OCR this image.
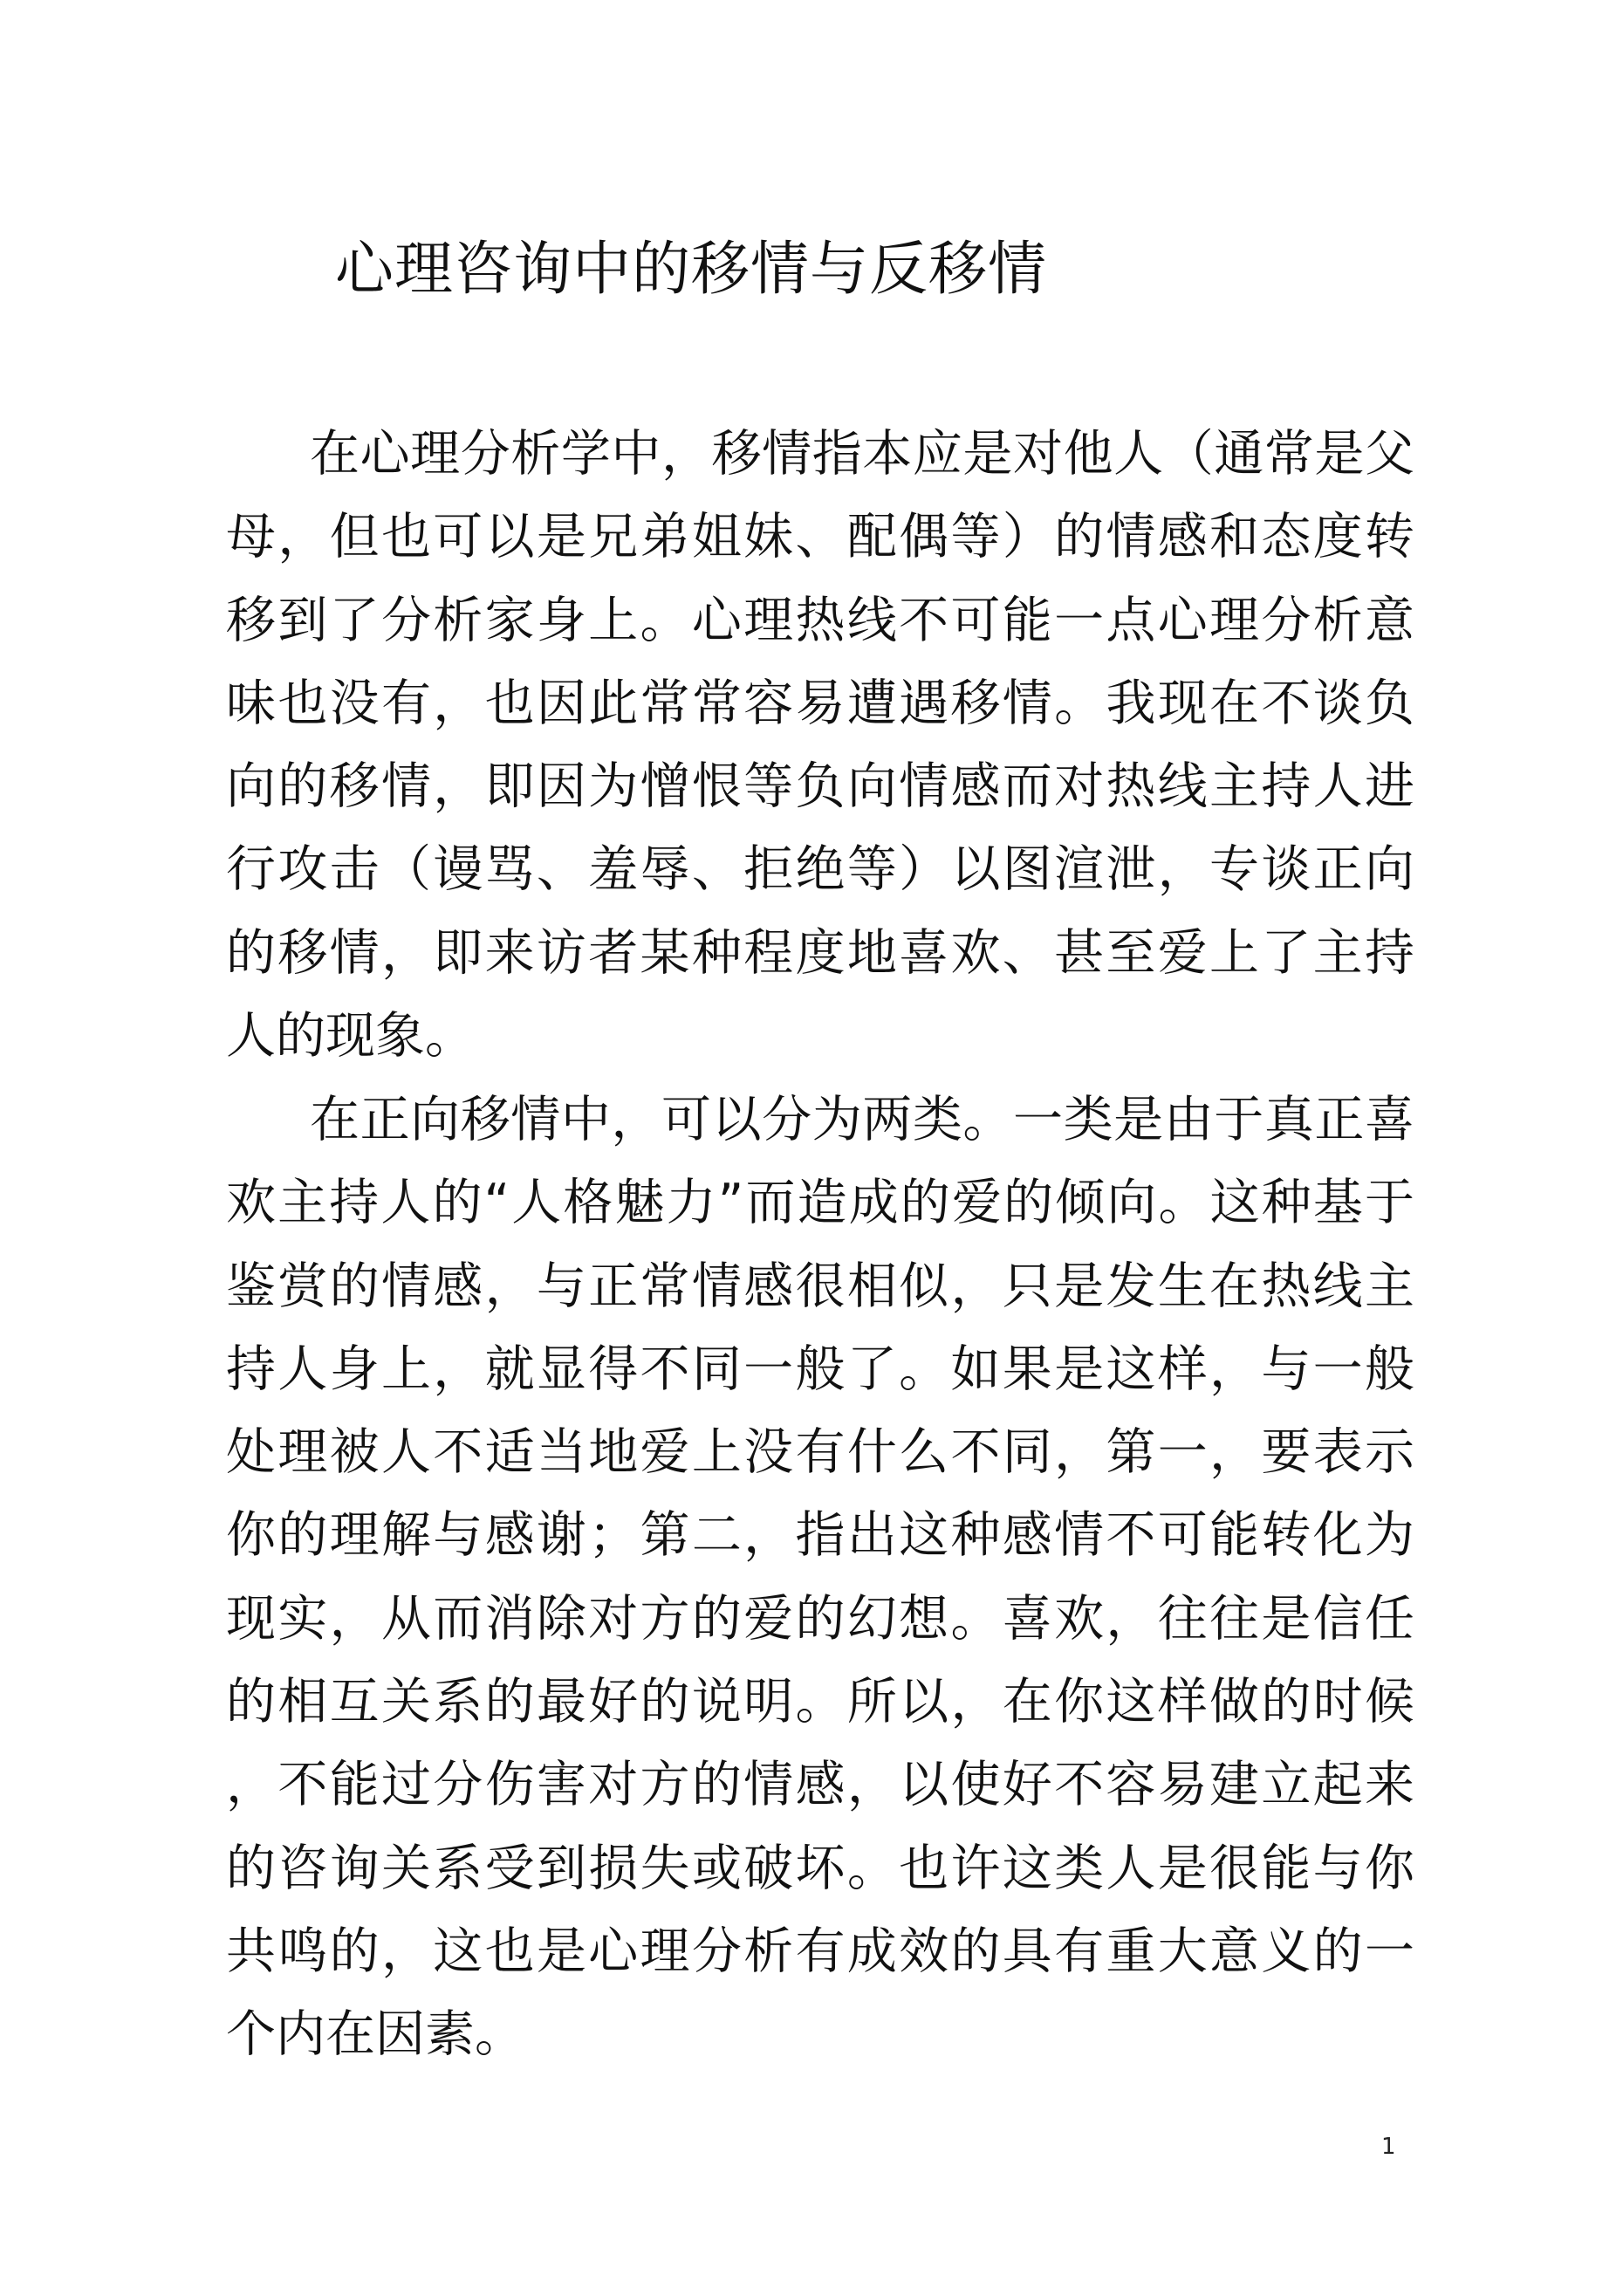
心理咨询中的移情与反移情

在心理分析学中，移情指本应是对他人（通常是父母，但也可以是兄弟姐妹、配偶等）的情感和态度转移到了分析家身上。心理热线不可能一点心理分析意味也没有，也因此常常容易遭遇移情。我现在不谈负向的移情，即因为憎恨等负向情感而对热线主持人进行攻击（谩骂、羞辱、拒绝等）以图渲泄，专谈正向的移情，即来访者某种程度地喜欢、甚至爱上了主持人的现象。

在正向移情中，可以分为两类。一类是由于真正喜欢主持人的“人格魅力”而造成的爱的倾向。这种基于鉴赏的情感，与正常情感很相似，只是发生在热线主持人身上，就显得不同一般了。如果是这样，与一般处理被人不适当地爱上没有什么不同，第一，要表示你的理解与感谢；第二，指出这种感情不可能转化为现实，从而消除对方的爱的幻想。喜欢，往往是信任的相互关系的最好的说明。所以，在你这样做的时候，不能过分伤害对方的情感，以使好不容易建立起来的咨询关系受到损失或破坏。也许这类人是很能与你共鸣的，这也是心理分析有成效的具有重大意义的一个内在因素。

1
